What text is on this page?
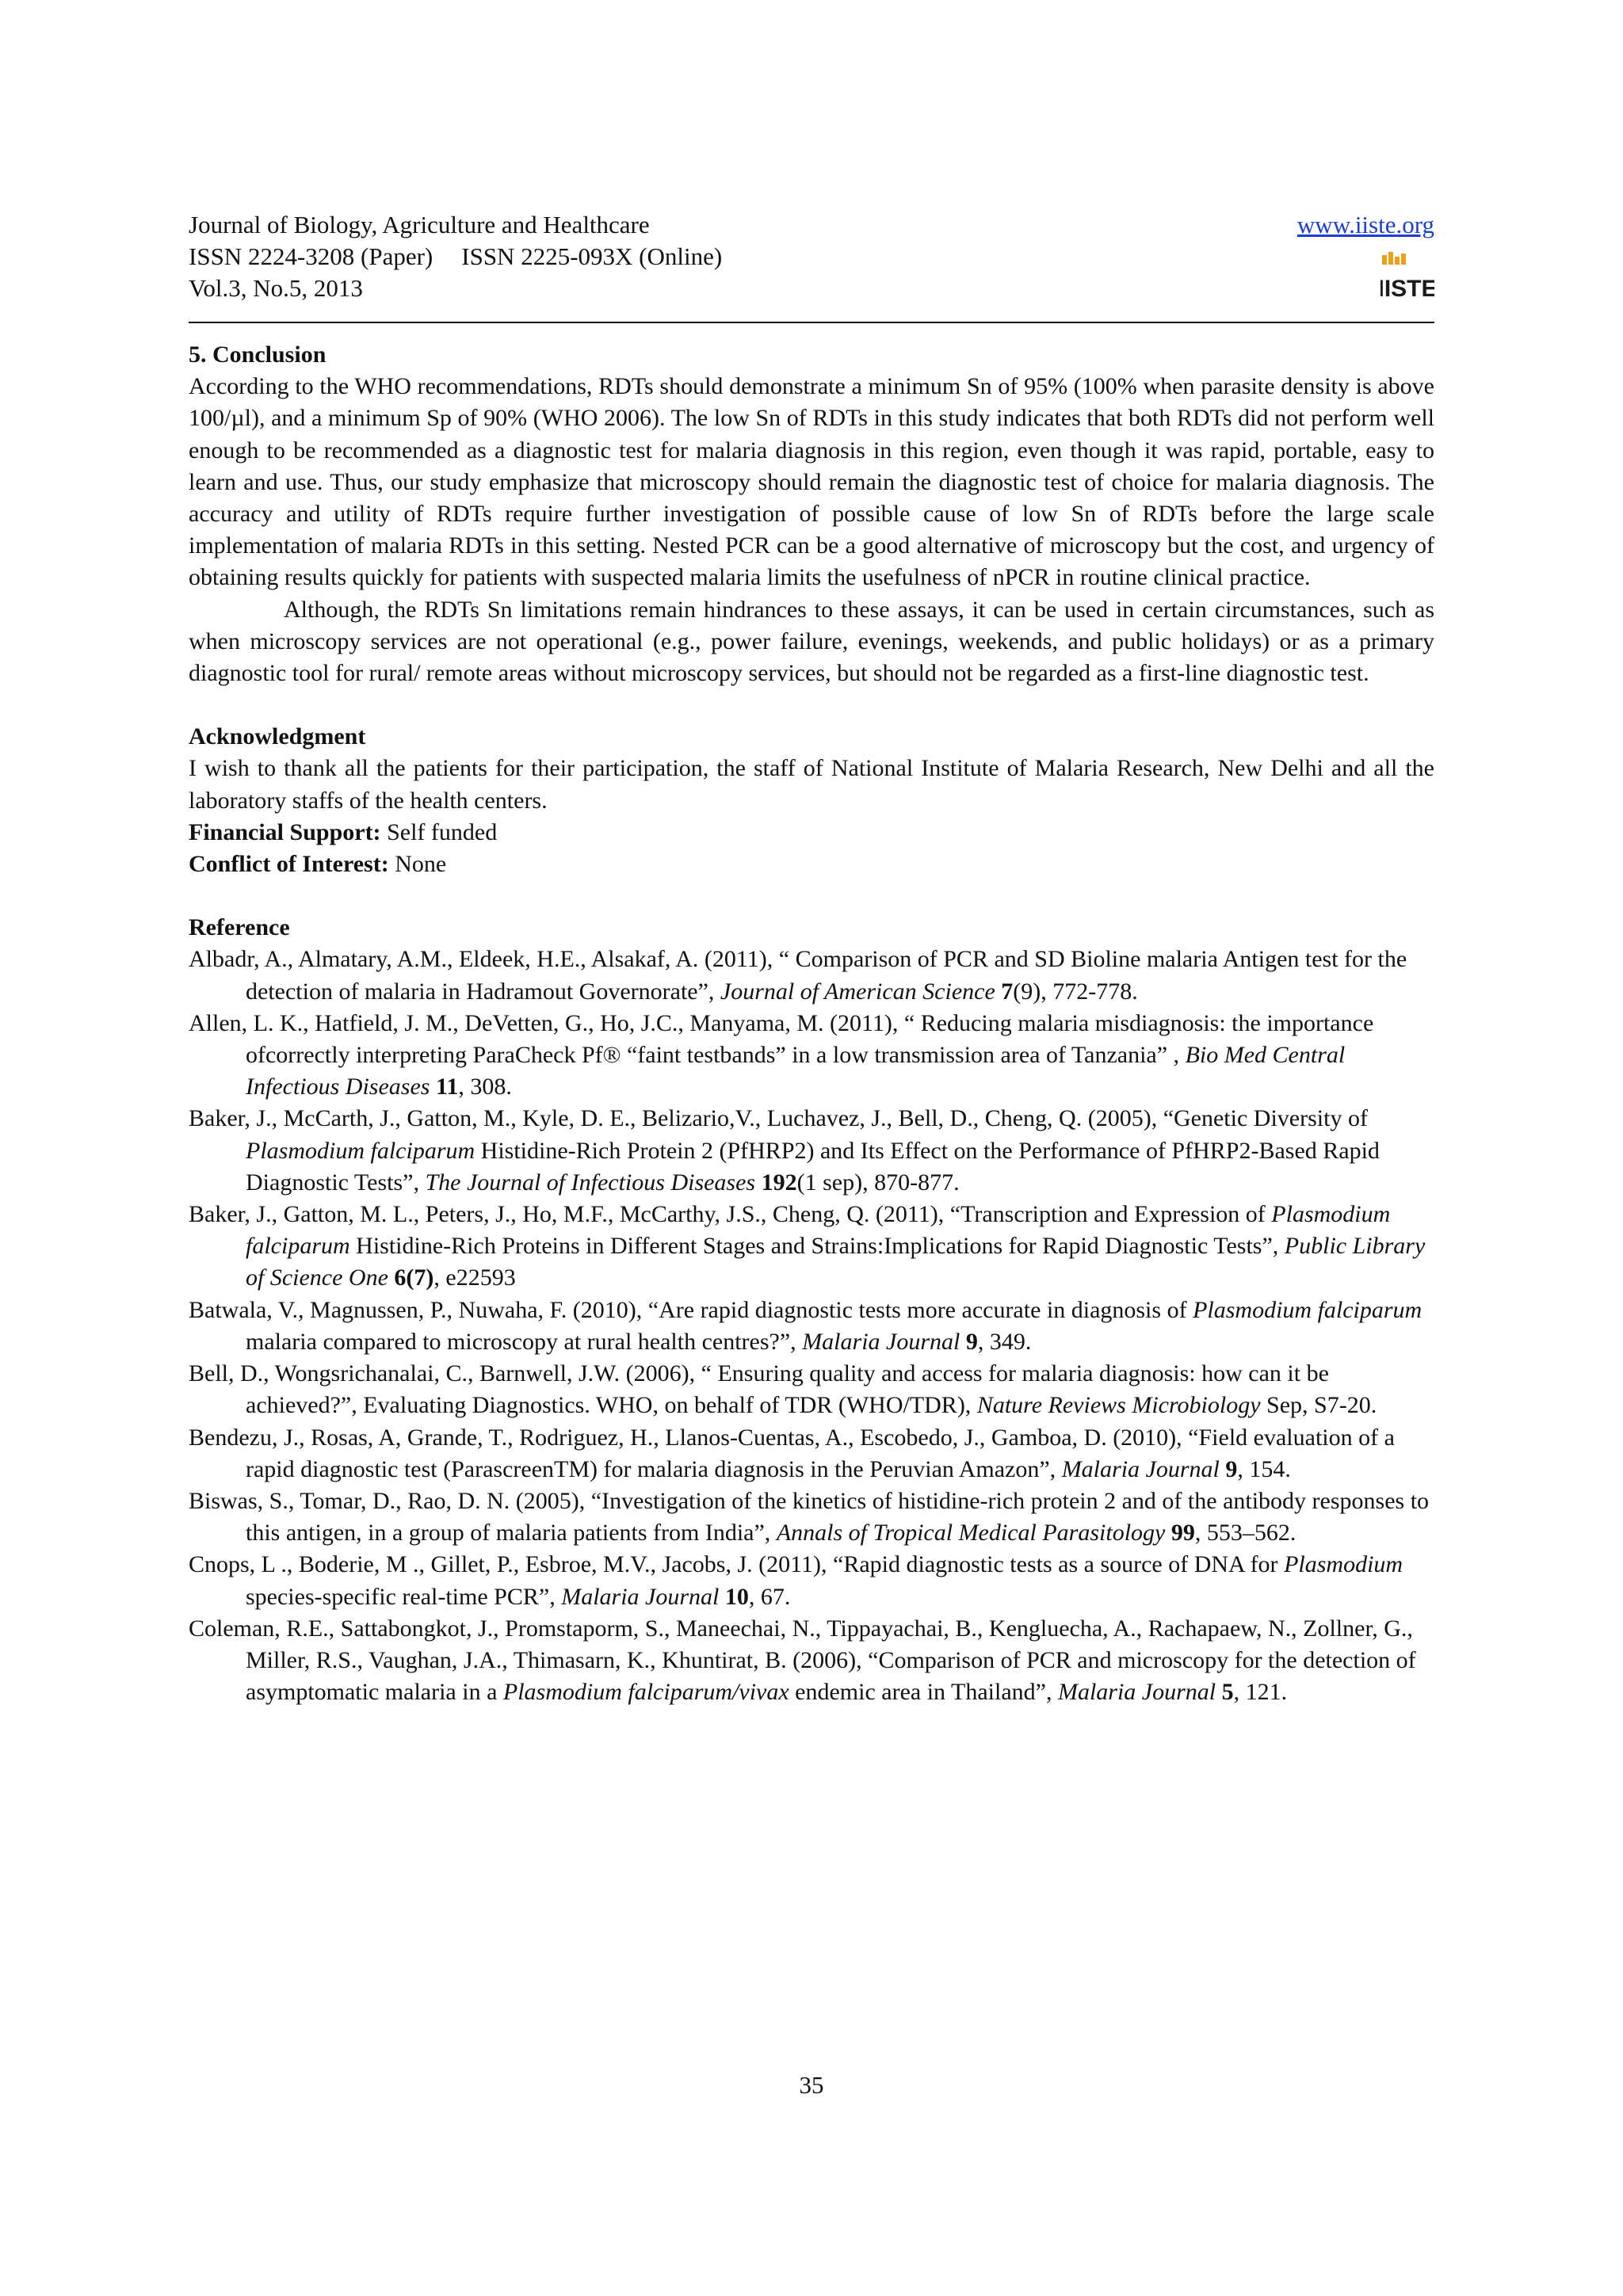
Journal of Biology, Agriculture and Healthcare
ISSN 2224-3208 (Paper) ISSN 2225-093X (Online)
Vol.3, No.5, 2013
www.iiste.org
IISTE

5. Conclusion

According to the WHO recommendations, RDTs should demonstrate a minimum Sn of 95% (100% when parasite density is above 100/µl), and a minimum Sp of 90% (WHO 2006). The low Sn of RDTs in this study indicates that both RDTs did not perform well enough to be recommended as a diagnostic test for malaria diagnosis in this region, even though it was rapid, portable, easy to learn and use. Thus, our study emphasize that microscopy should remain the diagnostic test of choice for malaria diagnosis. The accuracy and utility of RDTs require further investigation of possible cause of low Sn of RDTs before the large scale implementation of malaria RDTs in this setting. Nested PCR can be a good alternative of microscopy but the cost, and urgency of obtaining results quickly for patients with suspected malaria limits the usefulness of nPCR in routine clinical practice.

Although, the RDTs Sn limitations remain hindrances to these assays, it can be used in certain circumstances, such as when microscopy services are not operational (e.g., power failure, evenings, weekends, and public holidays) or as a primary diagnostic tool for rural/ remote areas without microscopy services, but should not be regarded as a first-line diagnostic test.

Acknowledgment

I wish to thank all the patients for their participation, the staff of National Institute of Malaria Research, New Delhi and all the laboratory staffs of the health centers.

Financial Support: Self funded

Conflict of Interest: None

Reference

Albadr, A., Almatary, A.M., Eldeek, H.E., Alsakaf, A. (2011), “ Comparison of PCR and SD Bioline malaria Antigen test for the detection of malaria in Hadramout Governorate”, Journal of American Science 7(9), 772-778.

Allen, L. K., Hatfield, J. M., DeVetten, G., Ho, J.C., Manyama, M. (2011), “ Reducing malaria misdiagnosis: the importance ofcorrectly interpreting ParaCheck Pf® “faint testbands” in a low transmission area of Tanzania” , Bio Med Central Infectious Diseases 11, 308.

Baker, J., McCarth, J., Gatton, M., Kyle, D. E., Belizario,V., Luchavez, J., Bell, D., Cheng, Q. (2005), “Genetic Diversity of Plasmodium falciparum Histidine-Rich Protein 2 (PfHRP2) and Its Effect on the Performance of PfHRP2-Based Rapid Diagnostic Tests”, The Journal of Infectious Diseases 192(1 sep), 870-877.

Baker, J., Gatton, M. L., Peters, J., Ho, M.F., McCarthy, J.S., Cheng, Q. (2011), “Transcription and Expression of Plasmodium falciparum Histidine-Rich Proteins in Different Stages and Strains:Implications for Rapid Diagnostic Tests”, Public Library of Science One 6(7), e22593

Batwala, V., Magnussen, P., Nuwaha, F. (2010), “Are rapid diagnostic tests more accurate in diagnosis of Plasmodium falciparum malaria compared to microscopy at rural health centres?”, Malaria Journal 9, 349.

Bell, D., Wongsrichanalai, C., Barnwell, J.W. (2006), “ Ensuring quality and access for malaria diagnosis: how can it be achieved?”, Evaluating Diagnostics. WHO, on behalf of TDR (WHO/TDR), Nature Reviews Microbiology Sep, S7-20.

Bendezu, J., Rosas, A, Grande, T., Rodriguez, H., Llanos-Cuentas, A., Escobedo, J., Gamboa, D. (2010), “Field evaluation of a rapid diagnostic test (ParascreenTM) for malaria diagnosis in the Peruvian Amazon”, Malaria Journal 9, 154.

Biswas, S., Tomar, D., Rao, D. N. (2005), “Investigation of the kinetics of histidine-rich protein 2 and of the antibody responses to this antigen, in a group of malaria patients from India”, Annals of Tropical Medical Parasitology 99, 553–562.

Cnops, L ., Boderie, M ., Gillet, P., Esbroe, M.V., Jacobs, J. (2011), “Rapid diagnostic tests as a source of DNA for Plasmodium species-specific real-time PCR”, Malaria Journal 10, 67.

Coleman, R.E., Sattabongkot, J., Promstaporm, S., Maneechai, N., Tippayachai, B., Kengluecha, A., Rachapaew, N., Zollner, G., Miller, R.S., Vaughan, J.A., Thimasarn, K., Khuntirat, B. (2006), “Comparison of PCR and microscopy for the detection of asymptomatic malaria in a Plasmodium falciparum/vivax endemic area in Thailand”, Malaria Journal 5, 121.

35
